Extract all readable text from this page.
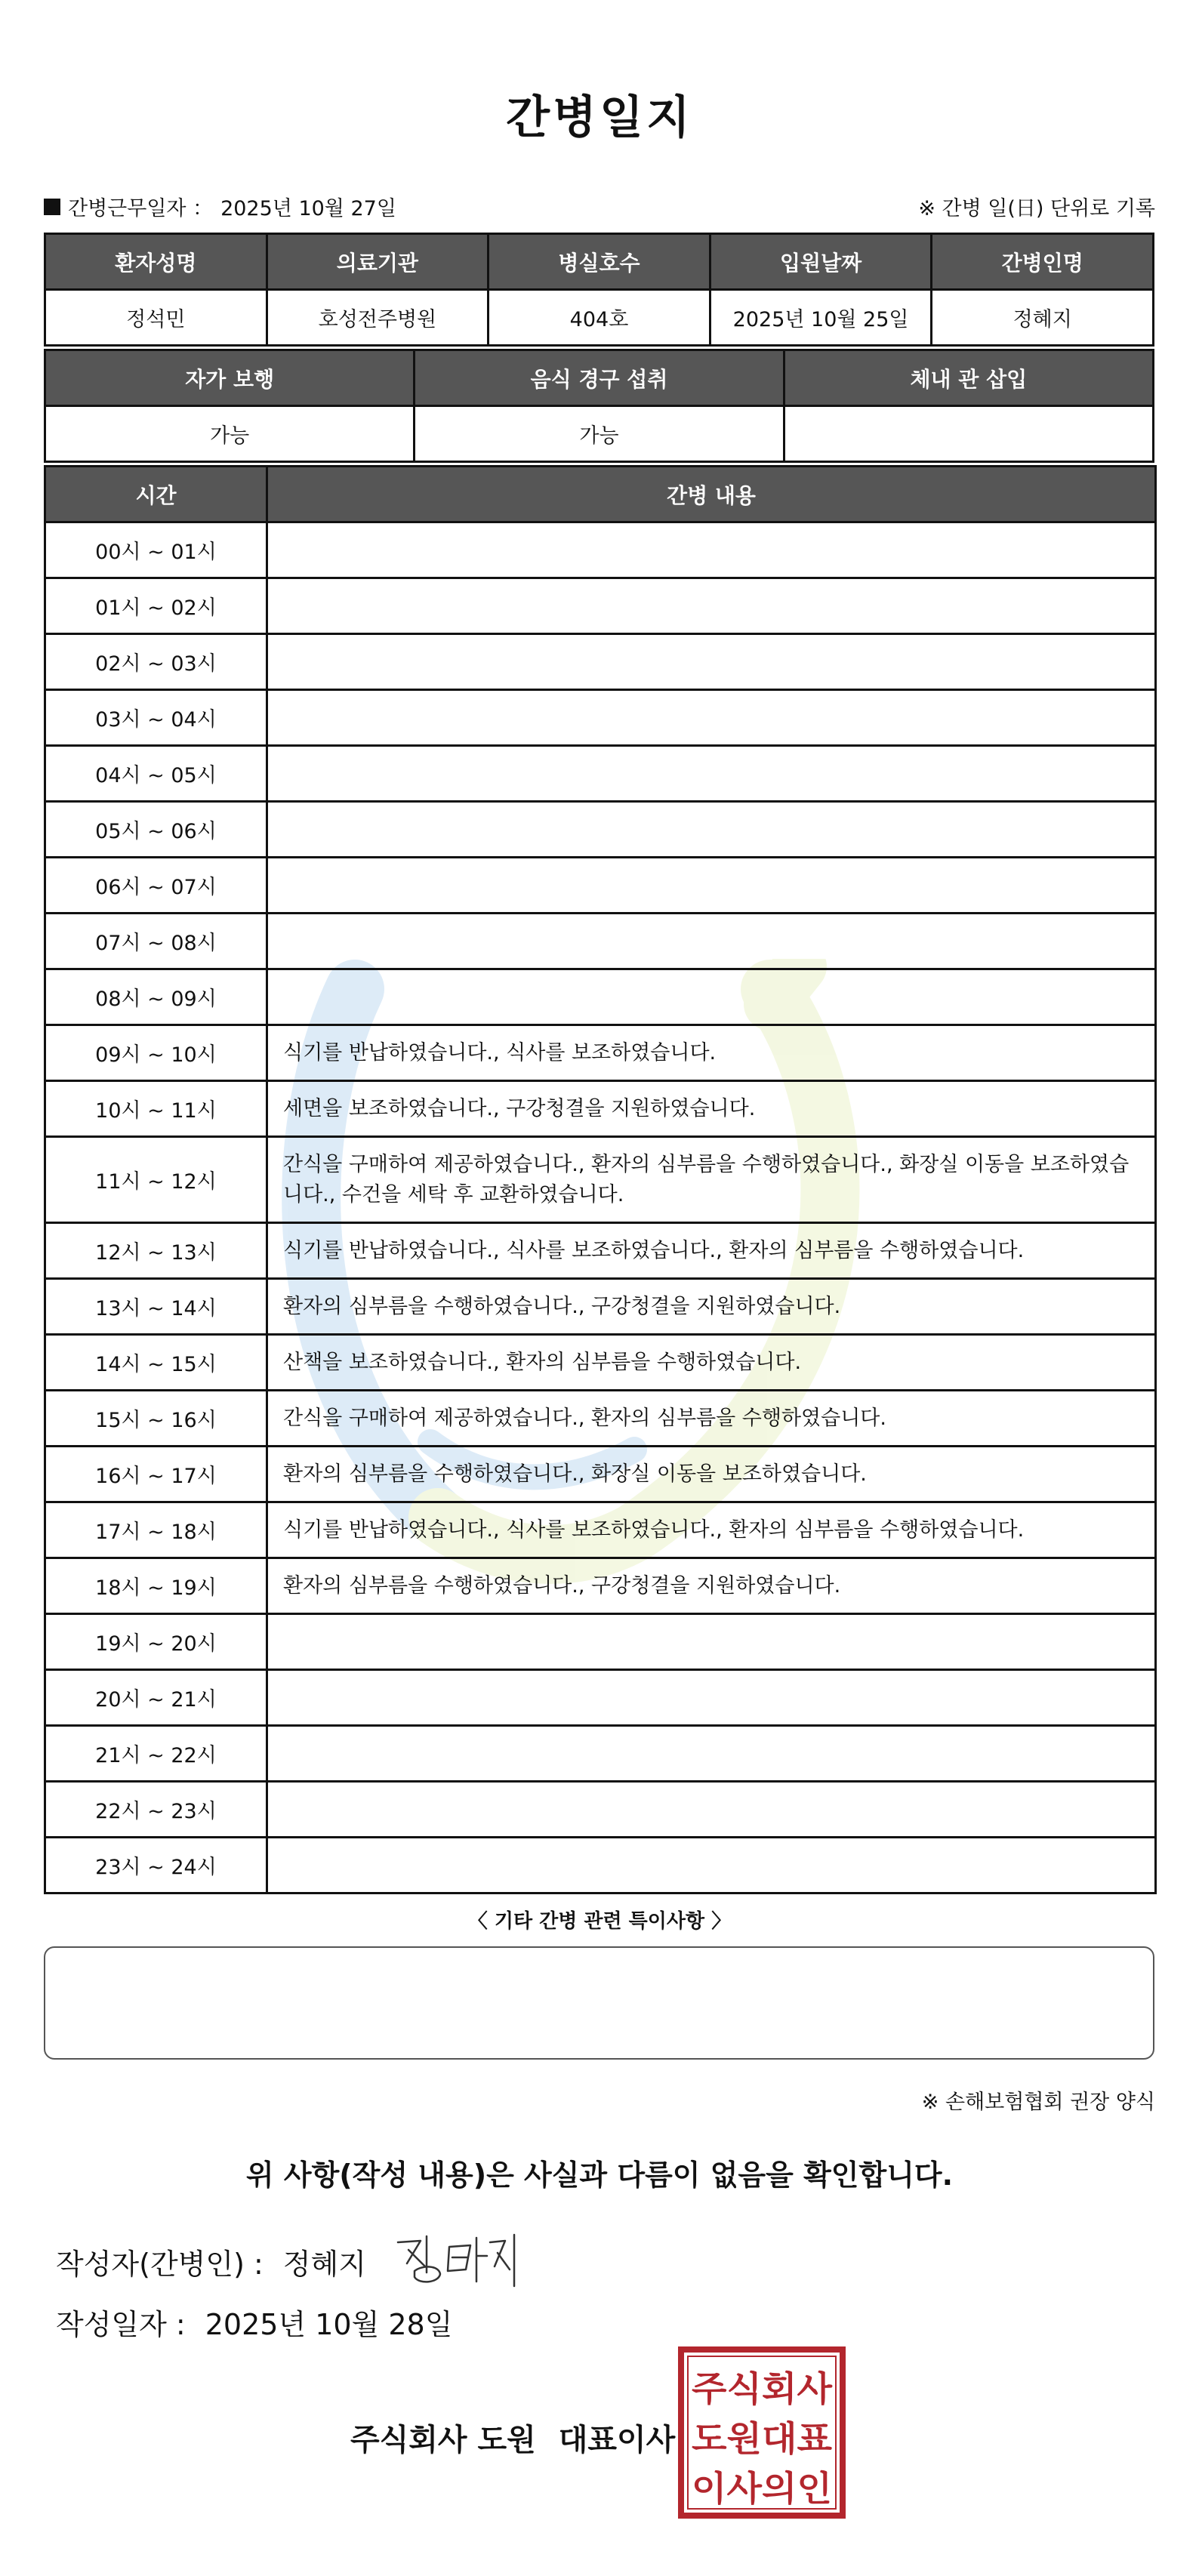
간병일지
간병근무일자 ： 2025년 10월 27일	※ 간병 일(日) 단위로 기록
환자성명	의료기관	병실호수	입원날짜	간병인명
정석민	호성전주병원	404호	2025년 10월 25일	정혜지
자가 보행	음식 경구 섭취	체내 관 삽입
가능	가능	
시간	간병 내용
00시 ~ 01시	
01시 ~ 02시	
02시 ~ 03시	
03시 ~ 04시	
04시 ~ 05시	
05시 ~ 06시	
06시 ~ 07시	
07시 ~ 08시	
08시 ~ 09시	
09시 ~ 10시	식기를 반납하였습니다., 식사를 보조하였습니다.
10시 ~ 11시	세면을 보조하였습니다., 구강청결을 지원하였습니다.
11시 ~ 12시	간식을 구매하여 제공하였습니다., 환자의 심부름을 수행하였습니다., 화장실 이동을 보조하였습니다., 수건을 세탁 후 교환하였습니다.
12시 ~ 13시	식기를 반납하였습니다., 식사를 보조하였습니다., 환자의 심부름을 수행하였습니다.
13시 ~ 14시	환자의 심부름을 수행하였습니다., 구강청결을 지원하였습니다.
14시 ~ 15시	산책을 보조하였습니다., 환자의 심부름을 수행하였습니다.
15시 ~ 16시	간식을 구매하여 제공하였습니다., 환자의 심부름을 수행하였습니다.
16시 ~ 17시	환자의 심부름을 수행하였습니다., 화장실 이동을 보조하였습니다.
17시 ~ 18시	식기를 반납하였습니다., 식사를 보조하였습니다., 환자의 심부름을 수행하였습니다.
18시 ~ 19시	환자의 심부름을 수행하였습니다., 구강청결을 지원하였습니다.
19시 ~ 20시	
20시 ~ 21시	
21시 ~ 22시	
22시 ~ 23시	
23시 ~ 24시	
〈 기타 간병 관련 특이사항 〉
※ 손해보험협회 권장 양식
위 사항(작성 내용)은 사실과 다름이 없음을 확인합니다.
작성자(간병인) : 정혜지
작성일자 : 2025년 10월 28일
주식회사 도원 대표이사
주식회사
도원대표
이사의인
